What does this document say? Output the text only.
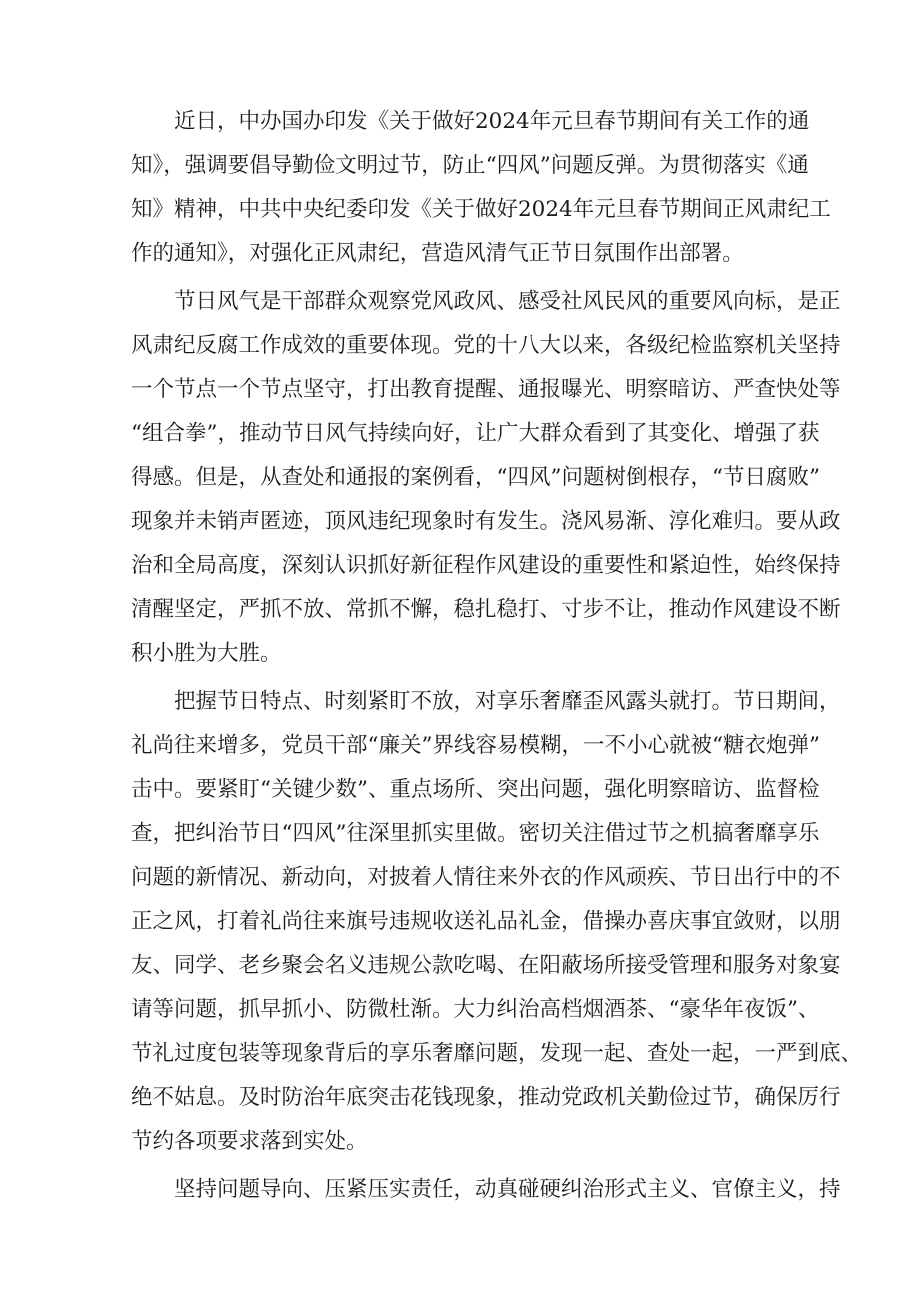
近日，中办国办印发《关于做好2024年元旦春节期间有关工作的通
知》，强调要倡导勤俭文明过节，防止“四风”问题反弹。为贯彻落实《通
知》精神，中共中央纪委印发《关于做好2024年元旦春节期间正风肃纪工
作的通知》，对强化正风肃纪，营造风清气正节日氛围作出部署。
节日风气是干部群众观察党风政风、感受社风民风的重要风向标，是正
风肃纪反腐工作成效的重要体现。党的十八大以来，各级纪检监察机关坚持
一个节点一个节点坚守，打出教育提醒、通报曝光、明察暗访、严查快处等
“组合拳”，推动节日风气持续向好，让广大群众看到了其变化、增强了获
得感。但是，从查处和通报的案例看，“四风”问题树倒根存，“节日腐败”
现象并未销声匿迹，顶风违纪现象时有发生。浇风易渐、淳化难归。要从政
治和全局高度，深刻认识抓好新征程作风建设的重要性和紧迫性，始终保持
清醒坚定，严抓不放、常抓不懈，稳扎稳打、寸步不让，推动作风建设不断
积小胜为大胜。
把握节日特点、时刻紧盯不放，对享乐奢靡歪风露头就打。节日期间，
礼尚往来增多，党员干部“廉关”界线容易模糊，一不小心就被“糖衣炮弹”
击中。要紧盯“关键少数”、重点场所、突出问题，强化明察暗访、监督检
查，把纠治节日“四风”往深里抓实里做。密切关注借过节之机搞奢靡享乐
问题的新情况、新动向，对披着人情往来外衣的作风顽疾、节日出行中的不
正之风，打着礼尚往来旗号违规收送礼品礼金，借操办喜庆事宜敛财，以朋
友、同学、老乡聚会名义违规公款吃喝、在阳蔽场所接受管理和服务对象宴
请等问题，抓早抓小、防微杜渐。大力纠治高档烟酒茶、“豪华年夜饭”、
节礼过度包装等现象背后的享乐奢靡问题，发现一起、查处一起，一严到底、
绝不姑息。及时防治年底突击花钱现象，推动党政机关勤俭过节，确保厉行
节约各项要求落到实处。
坚持问题导向、压紧压实责任，动真碰硬纠治形式主义、官僚主义，持
